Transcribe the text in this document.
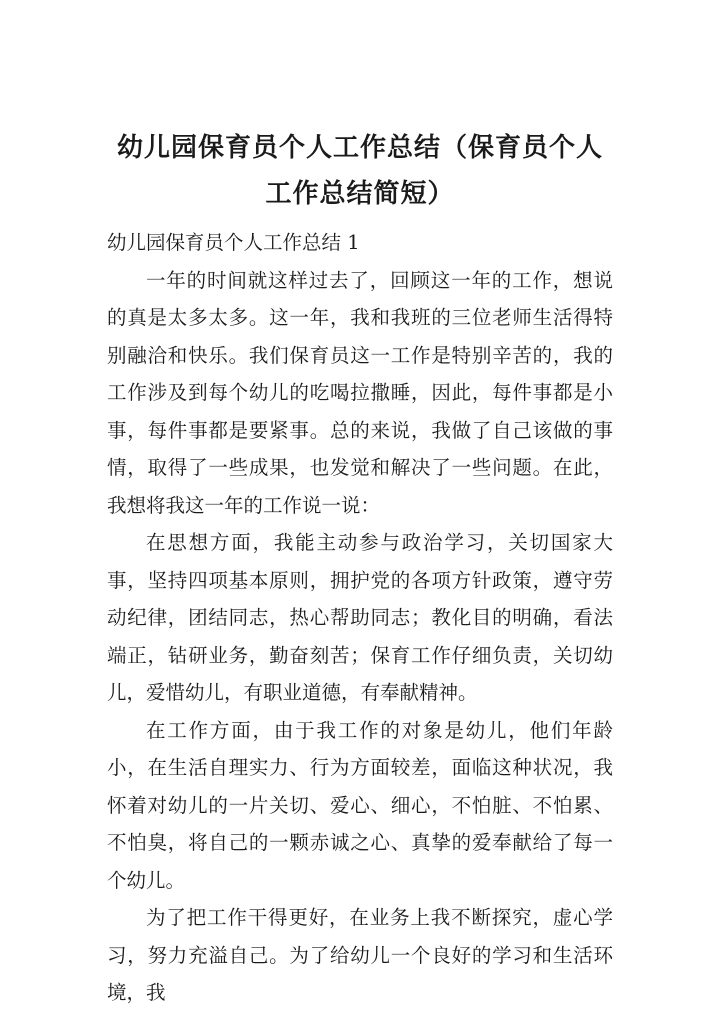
幼儿园保育员个人工作总结（保育员个人工作总结简短）

幼儿园保育员个人工作总结 1

一年的时间就这样过去了，回顾这一年的工作，想说的真是太多太多。这一年，我和我班的三位老师生活得特别融洽和快乐。我们保育员这一工作是特别辛苦的，我的工作涉及到每个幼儿的吃喝拉撒睡，因此，每件事都是小事，每件事都是要紧事。总的来说，我做了自己该做的事情，取得了一些成果，也发觉和解决了一些问题。在此，我想将我这一年的工作说一说：

在思想方面，我能主动参与政治学习，关切国家大事，坚持四项基本原则，拥护党的各项方针政策，遵守劳动纪律，团结同志，热心帮助同志；教化目的明确，看法端正，钻研业务，勤奋刻苦；保育工作仔细负责，关切幼儿，爱惜幼儿，有职业道德，有奉献精神。

在工作方面，由于我工作的对象是幼儿，他们年龄小，在生活自理实力、行为方面较差，面临这种状况，我怀着对幼儿的一片关切、爱心、细心，不怕脏、不怕累、不怕臭，将自己的一颗赤诚之心、真挚的爱奉献给了每一个幼儿。

为了把工作干得更好，在业务上我不断探究，虚心学习，努力充溢自己。为了给幼儿一个良好的学习和生活环境，我
